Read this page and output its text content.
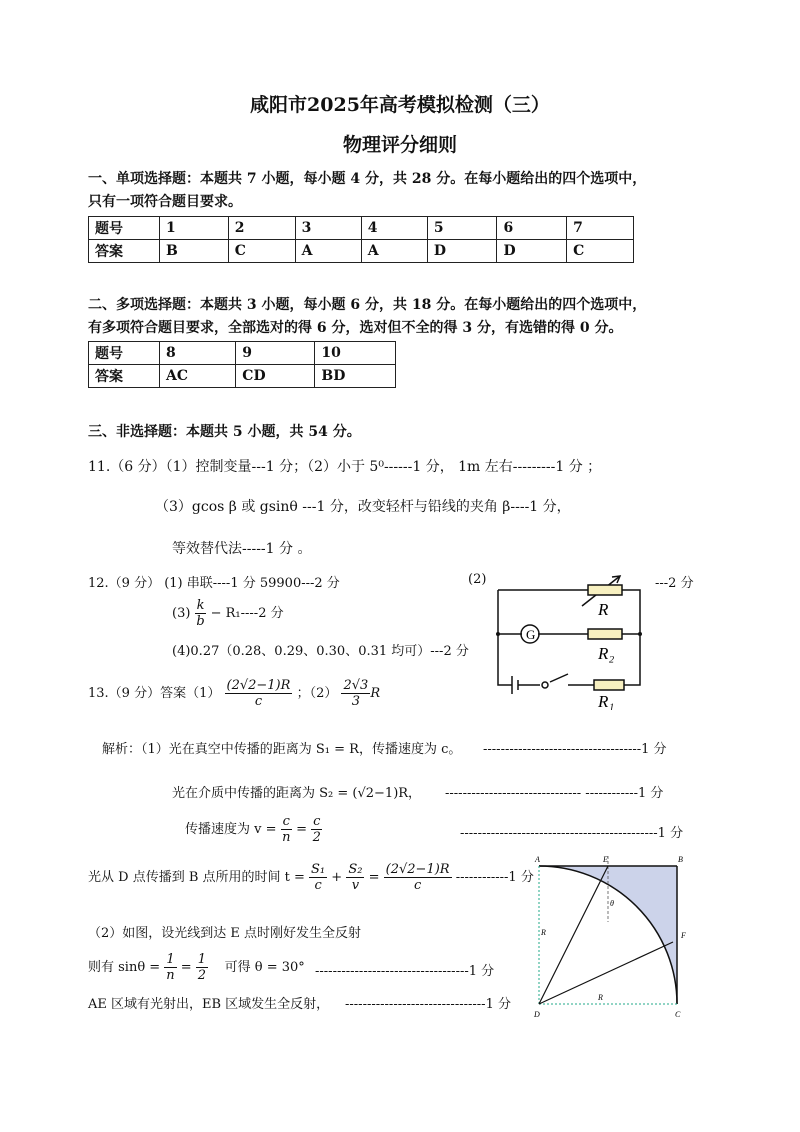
咸阳市2025年高考模拟检测（三）
物理评分细则
一、单项选择题：本题共 7 小题，每小题 4 分，共 28 分。在每小题给出的四个选项中，
只有一项符合题目要求。
题号	1	2	3	4	5	6	7
答案	B	C	A	A	D	D	C
二、多项选择题：本题共 3 小题，每小题 6 分，共 18 分。在每小题给出的四个选项中，
有多项符合题目要求，全部选对的得 6 分，选对但不全的得 3 分，有选错的得 0 分。
题号	8	9	10
答案	AC	CD	BD
三、非选择题：本题共 5 小题，共 54 分。
11.（6 分）（1）控制变量---1 分；（2）小于 5⁰------1 分， 1m 左右---------1 分 ；
（3）gcos β 或 gsinθ ---1 分，改变轻杆与铅线的夹角 β----1 分，
等效替代法-----1 分 。
12.（9 分） (1) 串联----1 分 59900---2 分	(2)	---2 分
$(3) \frac{k}{b} - R_1----2$ 分
(4)0.27（0.28、0.29、0.30、0.31 均可）---2 分
G
R
R₂
R₁
13.（9 分）答案$(1) \frac{(2√2-1)R}{c}$ ；$(2) \frac{2√3}{3}$ R
解析：（1）光在真空中传播的距离为 S₁ = R，传播速度为 c。 ------------------------------------1 分
光在介质中传播的距离为 S₂ = (√2−1)R， ------------------------------- ------------1 分
传播速度为 $v = \frac{c}{n} = \frac{c}{2}$	---------------------------------------------1 分
光从 D 点传播到 B 点所用的时间 $t = \frac{\text{S₁}}{c} + \frac{\text{S₂}}{v} = \frac{(2√2-1)R}{c} ------------1$ 分
（2）如图，设光线到达 E 点时刚好发生全反射
则有 $\sin\theta = \frac{1}{n} = \frac{1}{2}$ 可得 θ = 30° -----------------------------------1 分
AE 区域有光射出，EB 区域发生全反射， --------------------------------1 分
A	E	B
D	C
R
R
θ
F
